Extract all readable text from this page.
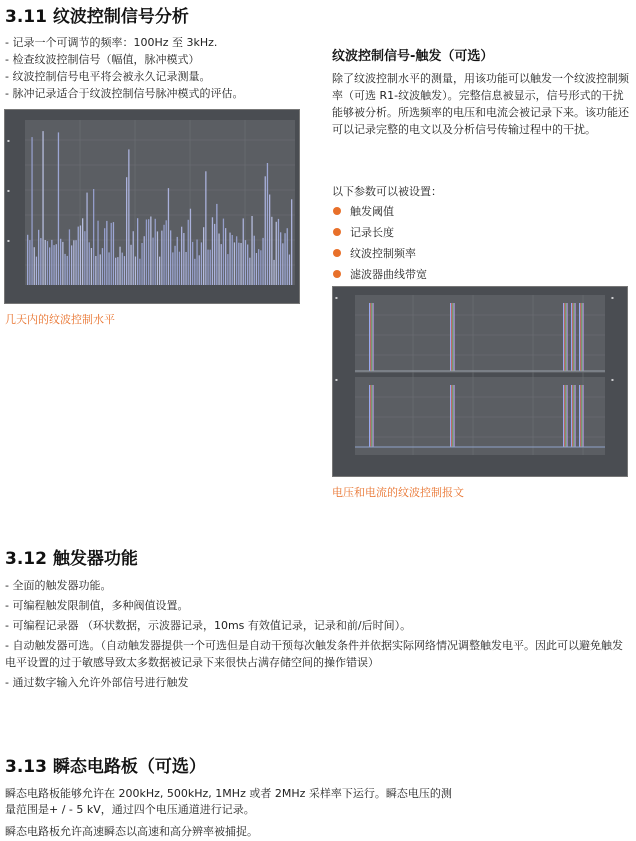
3.11 纹波控制信号分析
- 记录一个可调节的频率：100Hz 至 3kHz.
- 检查纹波控制信号（幅值，脉冲模式）
- 纹波控制信号电平将会被永久记录测量。
- 脉冲记录适合于纹波控制信号脉冲模式的评估。
▪
▪
▪
几天内的纹波控制水平
纹波控制信号-触发（可选）
除了纹波控制水平的测量，用该功能可以触发一个纹波控制频率（可选 R1-纹波触发）。完整信息被显示，信号形式的干扰能够被分析。所选频率的电压和电流会被记录下来。该功能还可以记录完整的电文以及分析信号传输过程中的干扰。
以下参数可以被设置：
触发阈值
记录长度
纹波控制频率
滤波器曲线带宽
▪
▪
▪
▪
电压和电流的纹波控制报文
3.12 触发器功能
- 全面的触发器功能。
- 可编程触发限制值，多种阀值设置。
- 可编程记录器 （环状数据，示波器记录，10ms 有效值记录，记录和前/后时间）。
- 自动触发器可选。（自动触发器提供一个可选但是自动干预每次触发条件并依据实际网络情况调整触发电平。因此可以避免触发电平设置的过于敏感导致太多数据被记录下来很快占满存储空间的操作错误）
- 通过数字输入允许外部信号进行触发
3.13 瞬态电路板（可选）
瞬态电路板能够允许在 200kHz, 500kHz, 1MHz 或者 2MHz 采样率下运行。瞬态电压的测
量范围是+ / - 5 kV，通过四个电压通道进行记录。
瞬态电路板允许高速瞬态以高速和高分辨率被捕捉。
